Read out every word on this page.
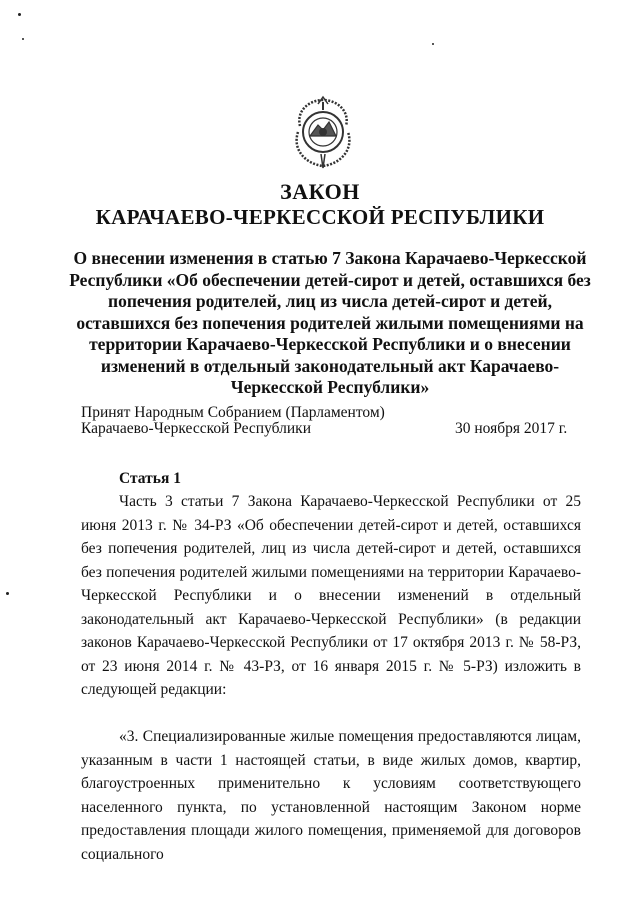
ЗАКОН
КАРАЧАЕВО-ЧЕРКЕССКОЙ РЕСПУБЛИКИ

О внесении изменения в статью 7 Закона Карачаево-Черкесской Республики «Об обеспечении детей-сирот и детей, оставшихся без попечения родителей, лиц из числа детей-сирот и детей, оставшихся без попечения родителей жилыми помещениями на территории Карачаево-Черкесской Республики и о внесении изменений в отдельный законодательный акт Карачаево-Черкесской Республики»

Принят Народным Собранием (Парламентом)
Карачаево-Черкесской Республики	30 ноября 2017 г.
Статья 1

Часть 3 статьи 7 Закона Карачаево-Черкесской Республики от 25 июня 2013 г. № 34-РЗ «Об обеспечении детей-сирот и детей, оставшихся без попечения родителей, лиц из числа детей-сирот и детей, оставшихся без попечения родителей жилыми помещениями на территории Карачаево-Черкесской Республики и о внесении изменений в отдельный законодательный акт Карачаево-Черкесской Республики» (в редакции законов Карачаево-Черкесской Республики от 17 октября 2013 г. № 58-РЗ, от 23 июня 2014 г. № 43-РЗ, от 16 января 2015 г. № 5-РЗ) изложить в следующей редакции:

«3. Специализированные жилые помещения предоставляются лицам, указанным в части 1 настоящей статьи, в виде жилых домов, квартир, благоустроенных применительно к условиям соответствующего населенного пункта, по установленной настоящим Законом норме предоставления площади жилого помещения, применяемой для договоров социального
